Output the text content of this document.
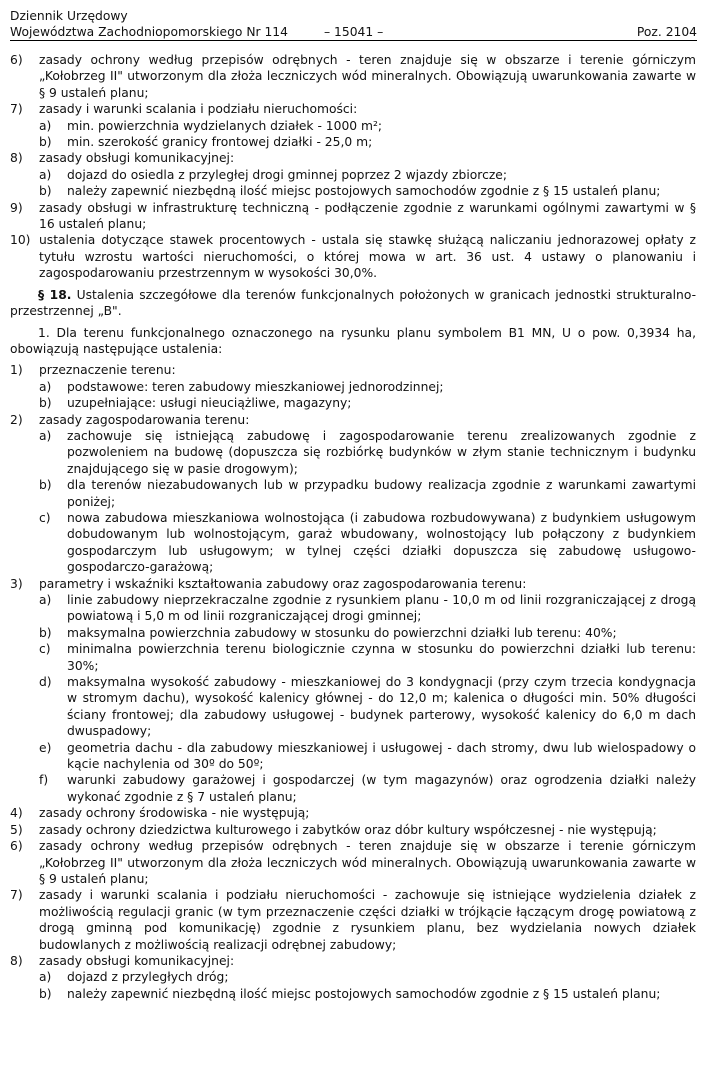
Dziennik Urzędowy
Województwa Zachodniopomorskiego Nr 114	– 15041 –	Poz. 2104
6) zasady ochrony według przepisów odrębnych - teren znajduje się w obszarze i terenie górniczym „Kołobrzeg II" utworzonym dla złoża leczniczych wód mineralnych. Obowiązują uwarunkowania zawarte w § 9 ustaleń planu;
7) zasady i warunki scalania i podziału nieruchomości:
a) min. powierzchnia wydzielanych działek - 1000 m²;
b) min. szerokość granicy frontowej działki - 25,0 m;
8) zasady obsługi komunikacyjnej:
a) dojazd do osiedla z przyległej drogi gminnej poprzez 2 wjazdy zbiorcze;
b) należy zapewnić niezbędną ilość miejsc postojowych samochodów zgodnie z § 15 ustaleń planu;
9) zasady obsługi w infrastrukturę techniczną - podłączenie zgodnie z warunkami ogólnymi zawartymi w § 16 ustaleń planu;
10) ustalenia dotyczące stawek procentowych - ustala się stawkę służącą naliczaniu jednorazowej opłaty z tytułu wzrostu wartości nieruchomości, o której mowa w art. 36 ust. 4 ustawy o planowaniu i zagospodarowaniu przestrzennym w wysokości 30,0%.
§ 18. Ustalenia szczegółowe dla terenów funkcjonalnych położonych w granicach jednostki strukturalno-przestrzennej „B".
1. Dla terenu funkcjonalnego oznaczonego na rysunku planu symbolem B1 MN, U o pow. 0,3934 ha, obowiązują następujące ustalenia:
1) przeznaczenie terenu:
a) podstawowe: teren zabudowy mieszkaniowej jednorodzinnej;
b) uzupełniające: usługi nieuciążliwe, magazyny;
2) zasady zagospodarowania terenu:
a) zachowuje się istniejącą zabudowę i zagospodarowanie terenu zrealizowanych zgodnie z pozwoleniem na budowę (dopuszcza się rozbiórkę budynków w złym stanie technicznym i budynku znajdującego się w pasie drogowym);
b) dla terenów niezabudowanych lub w przypadku budowy realizacja zgodnie z warunkami zawartymi poniżej;
c) nowa zabudowa mieszkaniowa wolnostojąca (i zabudowa rozbudowywana) z budynkiem usługowym dobudowanym lub wolnostojącym, garaż wbudowany, wolnostojący lub połączony z budynkiem gospodarczym lub usługowym; w tylnej części działki dopuszcza się zabudowę usługowo-gospodarczo-garażową;
3) parametry i wskaźniki kształtowania zabudowy oraz zagospodarowania terenu:
a) linie zabudowy nieprzekraczalne zgodnie z rysunkiem planu - 10,0 m od linii rozgraniczającej z drogą powiatową i 5,0 m od linii rozgraniczającej drogi gminnej;
b) maksymalna powierzchnia zabudowy w stosunku do powierzchni działki lub terenu: 40%;
c) minimalna powierzchnia terenu biologicznie czynna w stosunku do powierzchni działki lub terenu: 30%;
d) maksymalna wysokość zabudowy - mieszkaniowej do 3 kondygnacji (przy czym trzecia kondygnacja w stromym dachu), wysokość kalenicy głównej - do 12,0 m; kalenica o długości min. 50% długości ściany frontowej; dla zabudowy usługowej - budynek parterowy, wysokość kalenicy do 6,0 m dach dwuspadowy;
e) geometria dachu - dla zabudowy mieszkaniowej i usługowej - dach stromy, dwu lub wielospadowy o kącie nachylenia od 30º do 50º;
f) warunki zabudowy garażowej i gospodarczej (w tym magazynów) oraz ogrodzenia działki należy wykonać zgodnie z § 7 ustaleń planu;
4) zasady ochrony środowiska - nie występują;
5) zasady ochrony dziedzictwa kulturowego i zabytków oraz dóbr kultury współczesnej - nie występują;
6) zasady ochrony według przepisów odrębnych - teren znajduje się w obszarze i terenie górniczym „Kołobrzeg II" utworzonym dla złoża leczniczych wód mineralnych. Obowiązują uwarunkowania zawarte w § 9 ustaleń planu;
7) zasady i warunki scalania i podziału nieruchomości - zachowuje się istniejące wydzielenia działek z możliwością regulacji granic (w tym przeznaczenie części działki w trójkącie łączącym drogę powiatową z drogą gminną pod komunikację) zgodnie z rysunkiem planu, bez wydzielania nowych działek budowlanych z możliwością realizacji odrębnej zabudowy;
8) zasady obsługi komunikacyjnej:
a) dojazd z przyległych dróg;
b) należy zapewnić niezbędną ilość miejsc postojowych samochodów zgodnie z § 15 ustaleń planu;
